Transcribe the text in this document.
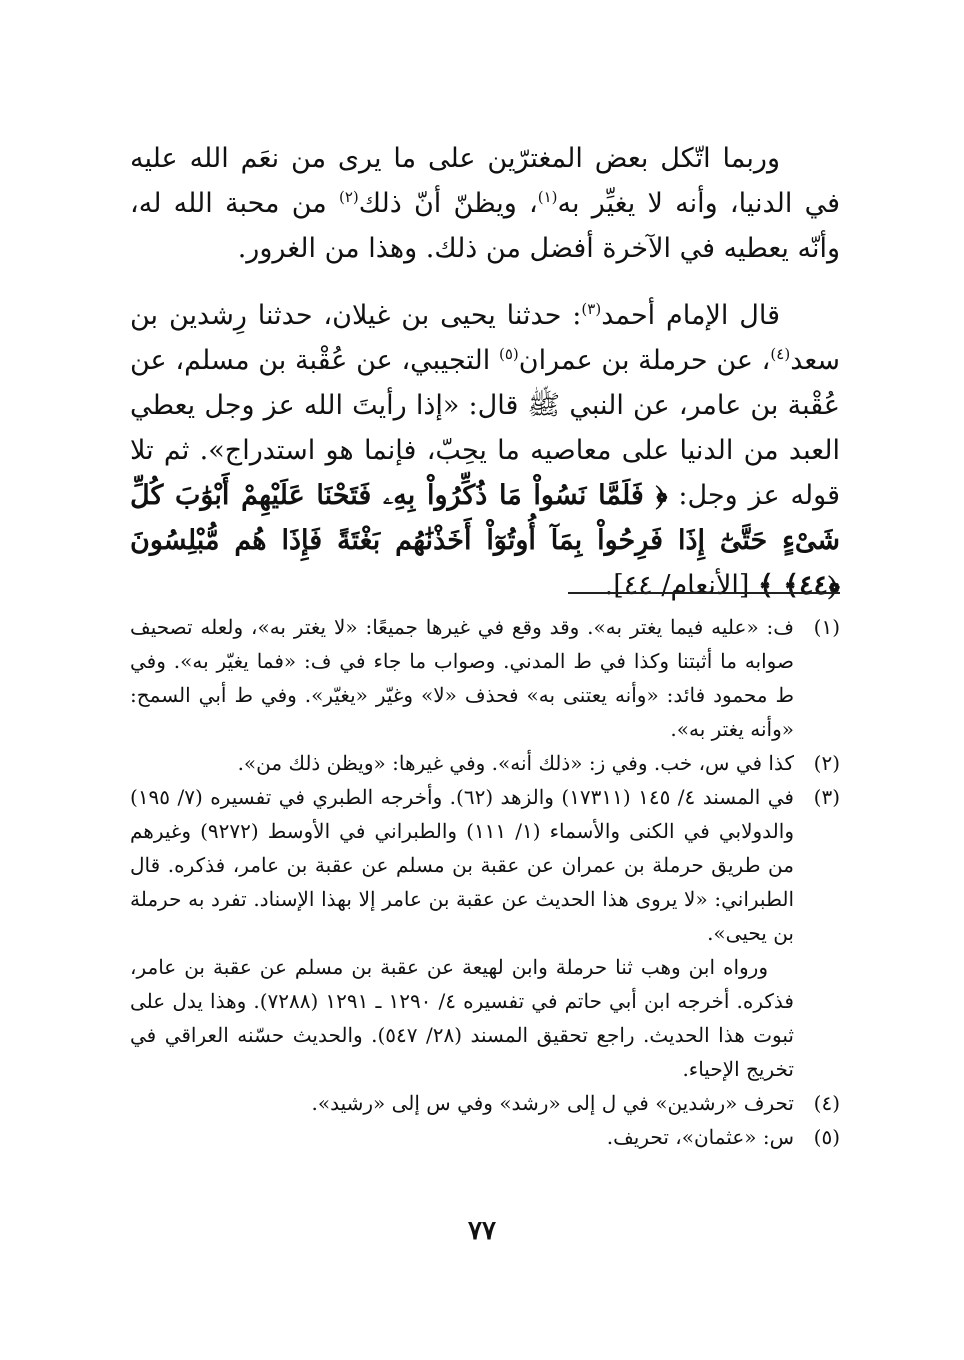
وربما اتّكل بعض المغترّين على ما يرى من نعَم الله عليه في الدنيا، وأنه لا يغيِّر به$^{(١)}$، ويظنّ أنّ ذلك$^{(٢)}$ من محبة الله له، وأنّه يعطيه في الآخرة أفضل من ذلك. وهذا من الغرور.

قال الإمام أحمد$^{(٣)}$: حدثنا يحيى بن غيلان، حدثنا رِشدين بن سعد$^{(٤)}$، عن حرملة بن عمران$^{(٥)}$ التجيبي، عن عُقْبة بن مسلم، عن عُقْبة بن عامر، عن النبي ﷺ قال: «إذا رأيتَ الله عز وجل يعطي العبد من الدنيا على معاصيه ما يحِبّ، فإنما هو استدراج». ثم تلا قوله عز وجل: ﴿ فَلَمَّا نَسُواْ مَا ذُكِّرُواْ بِهِۦ فَتَحْنَا عَلَيْهِمْ أَبْوَٰبَ كُلِّ شَىْءٍ حَتَّىٰٓ إِذَا فَرِحُواْ بِمَآ أُوتُوٓاْ أَخَذْنَٰهُم بَغْتَةً فَإِذَا هُم مُّبْلِسُونَ ﴿٤٤﴾ ﴾ [الأنعام/ ٤٤].

(١)
ف: «عليه فيما يغتر به». وقد وقع في غيرها جميعًا: «لا يغتر به»، ولعله تصحيف صوابه ما أثبتنا وكذا في ط المدني. وصواب ما جاء في ف: «فما يغيّر به». وفي ط محمود فائد: «وأنه يعتنى به» فحذف «لا» وغيّر «يغيّر». وفي ط أبي السمح: «وأنه يغتر به».
(٢)
كذا في س، خب. وفي ز: «ذلك أنه». وفي غيرها: «ويظن ذلك من».
(٣)
في المسند ٤/ ١٤٥ (١٧٣١١) والزهد (٦٢). وأخرجه الطبري في تفسيره (٧/ ١٩٥) والدولابي في الكنى والأسماء (١/ ١١١) والطبراني في الأوسط (٩٢٧٢) وغيرهم من طريق حرملة بن عمران عن عقبة بن مسلم عن عقبة بن عامر، فذكره. قال الطبراني: «لا يروى هذا الحديث عن عقبة بن عامر إلا بهذا الإسناد. تفرد به حرملة بن يحيى».
ورواه ابن وهب ثنا حرملة وابن لهيعة عن عقبة بن مسلم عن عقبة بن عامر، فذكره. أخرجه ابن أبي حاتم في تفسيره ٤/ ١٢٩٠ ـ ١٢٩١ (٧٢٨٨). وهذا يدل على ثبوت هذا الحديث. راجع تحقيق المسند (٢٨/ ٥٤٧). والحديث حسّنه العراقي في تخريج الإحياء.
(٤)
تحرف «رشدين» في ل إلى «رشد» وفي س إلى «رشيد».
(٥)
س: «عثمان»، تحريف.
٧٧
